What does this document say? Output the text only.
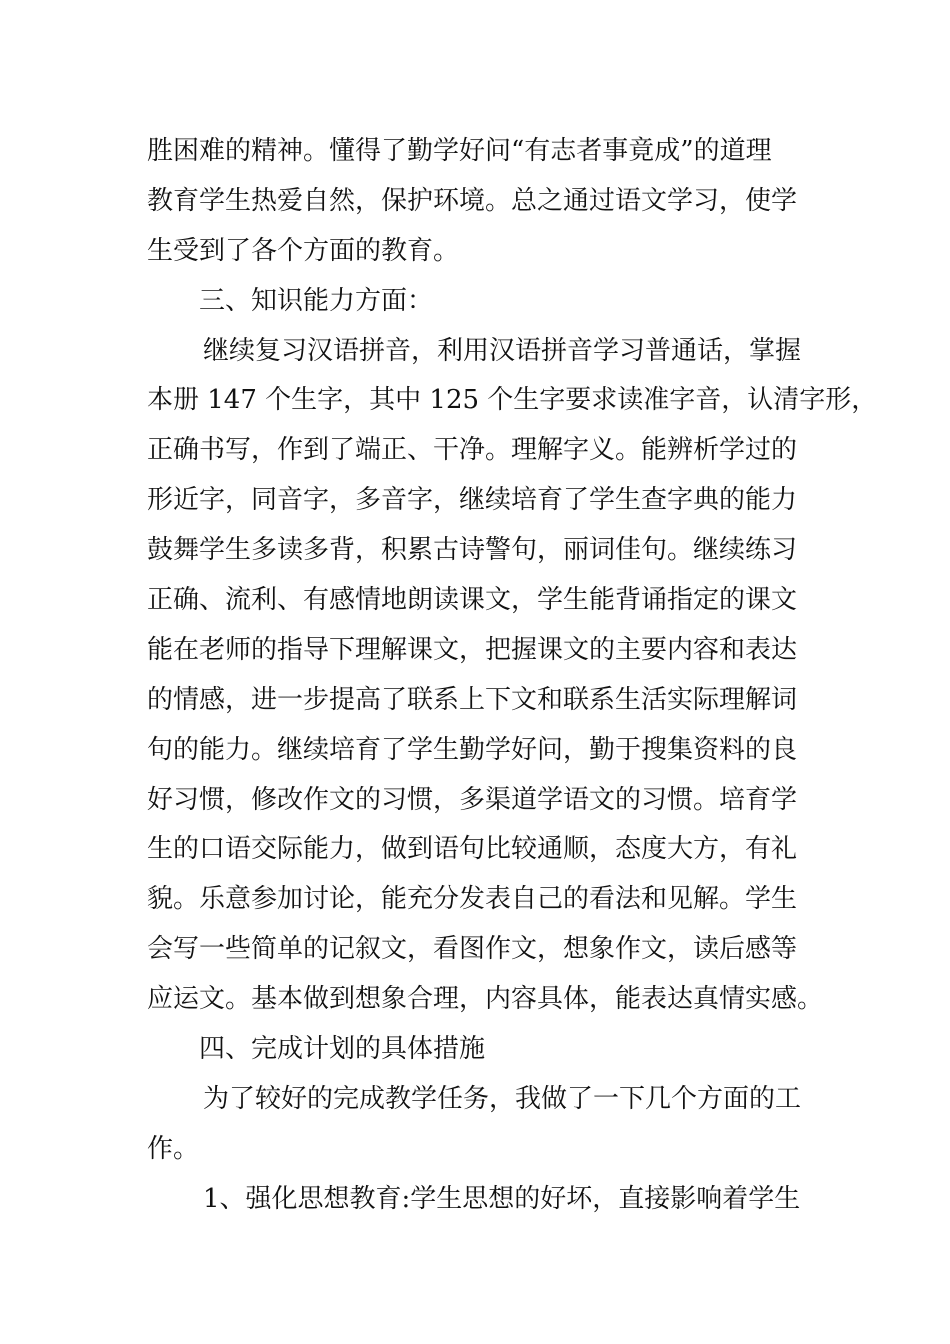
胜困难的精神。懂得了勤学好问“有志者事竟成”的道理
教育学生热爱自然，保护环境。总之通过语文学习，使学
生受到了各个方面的教育。
三、知识能力方面：
继续复习汉语拼音，利用汉语拼音学习普通话，掌握
本册 147 个生字，其中 125 个生字要求读准字音，认清字形，
正确书写，作到了端正、干净。理解字义。能辨析学过的
形近字，同音字，多音字，继续培育了学生查字典的能力
鼓舞学生多读多背，积累古诗警句，丽词佳句。继续练习
正确、流利、有感情地朗读课文，学生能背诵指定的课文
能在老师的指导下理解课文，把握课文的主要内容和表达
的情感，进一步提高了联系上下文和联系生活实际理解词
句的能力。继续培育了学生勤学好问，勤于搜集资料的良
好习惯，修改作文的习惯，多渠道学语文的习惯。培育学
生的口语交际能力，做到语句比较通顺，态度大方，有礼
貌。乐意参加讨论，能充分发表自己的看法和见解。学生
会写一些简单的记叙文，看图作文，想象作文，读后感等
应运文。基本做到想象合理，内容具体，能表达真情实感。
四、完成计划的具体措施
为了较好的完成教学任务，我做了一下几个方面的工
作。
1、强化思想教育:学生思想的好坏，直接影响着学生
